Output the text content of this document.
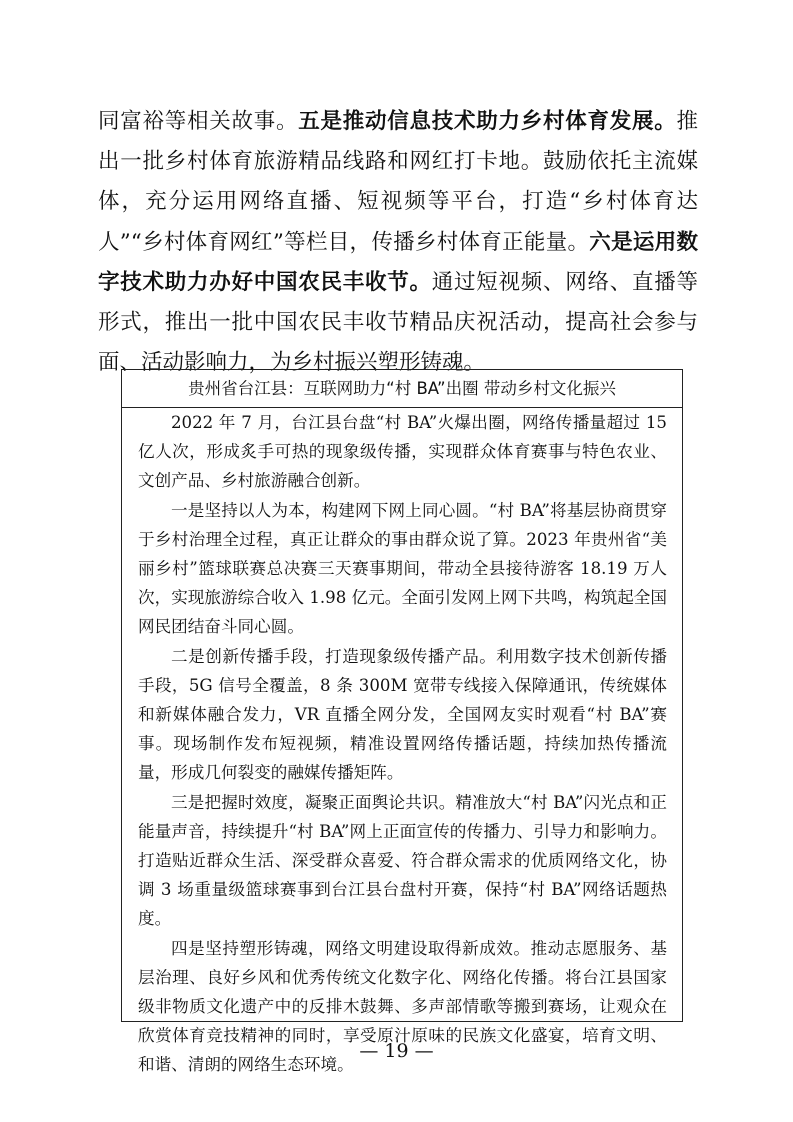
同富裕等相关故事。五是推动信息技术助力乡村体育发展。推出一批乡村体育旅游精品线路和网红打卡地。鼓励依托主流媒体，充分运用网络直播、短视频等平台，打造“乡村体育达人”“乡村体育网红”等栏目，传播乡村体育正能量。六是运用数字技术助力办好中国农民丰收节。通过短视频、网络、直播等形式，推出一批中国农民丰收节精品庆祝活动，提高社会参与面、活动影响力，为乡村振兴塑形铸魂。

贵州省台江县：互联网助力“村 BA”出圈 带动乡村文化振兴

2022 年 7 月，台江县台盘“村 BA”火爆出圈，网络传播量超过 15 亿人次，形成炙手可热的现象级传播，实现群众体育赛事与特色农业、文创产品、乡村旅游融合创新。

一是坚持以人为本，构建网下网上同心圆。“村 BA”将基层协商贯穿于乡村治理全过程，真正让群众的事由群众说了算。2023 年贵州省“美丽乡村”篮球联赛总决赛三天赛事期间，带动全县接待游客 18.19 万人次，实现旅游综合收入 1.98 亿元。全面引发网上网下共鸣，构筑起全国网民团结奋斗同心圆。

二是创新传播手段，打造现象级传播产品。利用数字技术创新传播手段，5G 信号全覆盖，8 条 300M 宽带专线接入保障通讯，传统媒体和新媒体融合发力，VR 直播全网分发，全国网友实时观看“村 BA”赛事。现场制作发布短视频，精准设置网络传播话题，持续加热传播流量，形成几何裂变的融媒传播矩阵。

三是把握时效度，凝聚正面舆论共识。精准放大“村 BA”闪光点和正能量声音，持续提升“村 BA”网上正面宣传的传播力、引导力和影响力。打造贴近群众生活、深受群众喜爱、符合群众需求的优质网络文化，协调 3 场重量级篮球赛事到台江县台盘村开赛，保持“村 BA”网络话题热度。

四是坚持塑形铸魂，网络文明建设取得新成效。推动志愿服务、基层治理、良好乡风和优秀传统文化数字化、网络化传播。将台江县国家级非物质文化遗产中的反排木鼓舞、多声部情歌等搬到赛场，让观众在欣赏体育竞技精神的同时，享受原汁原味的民族文化盛宴，培育文明、和谐、清朗的网络生态环境。

— 19 —
